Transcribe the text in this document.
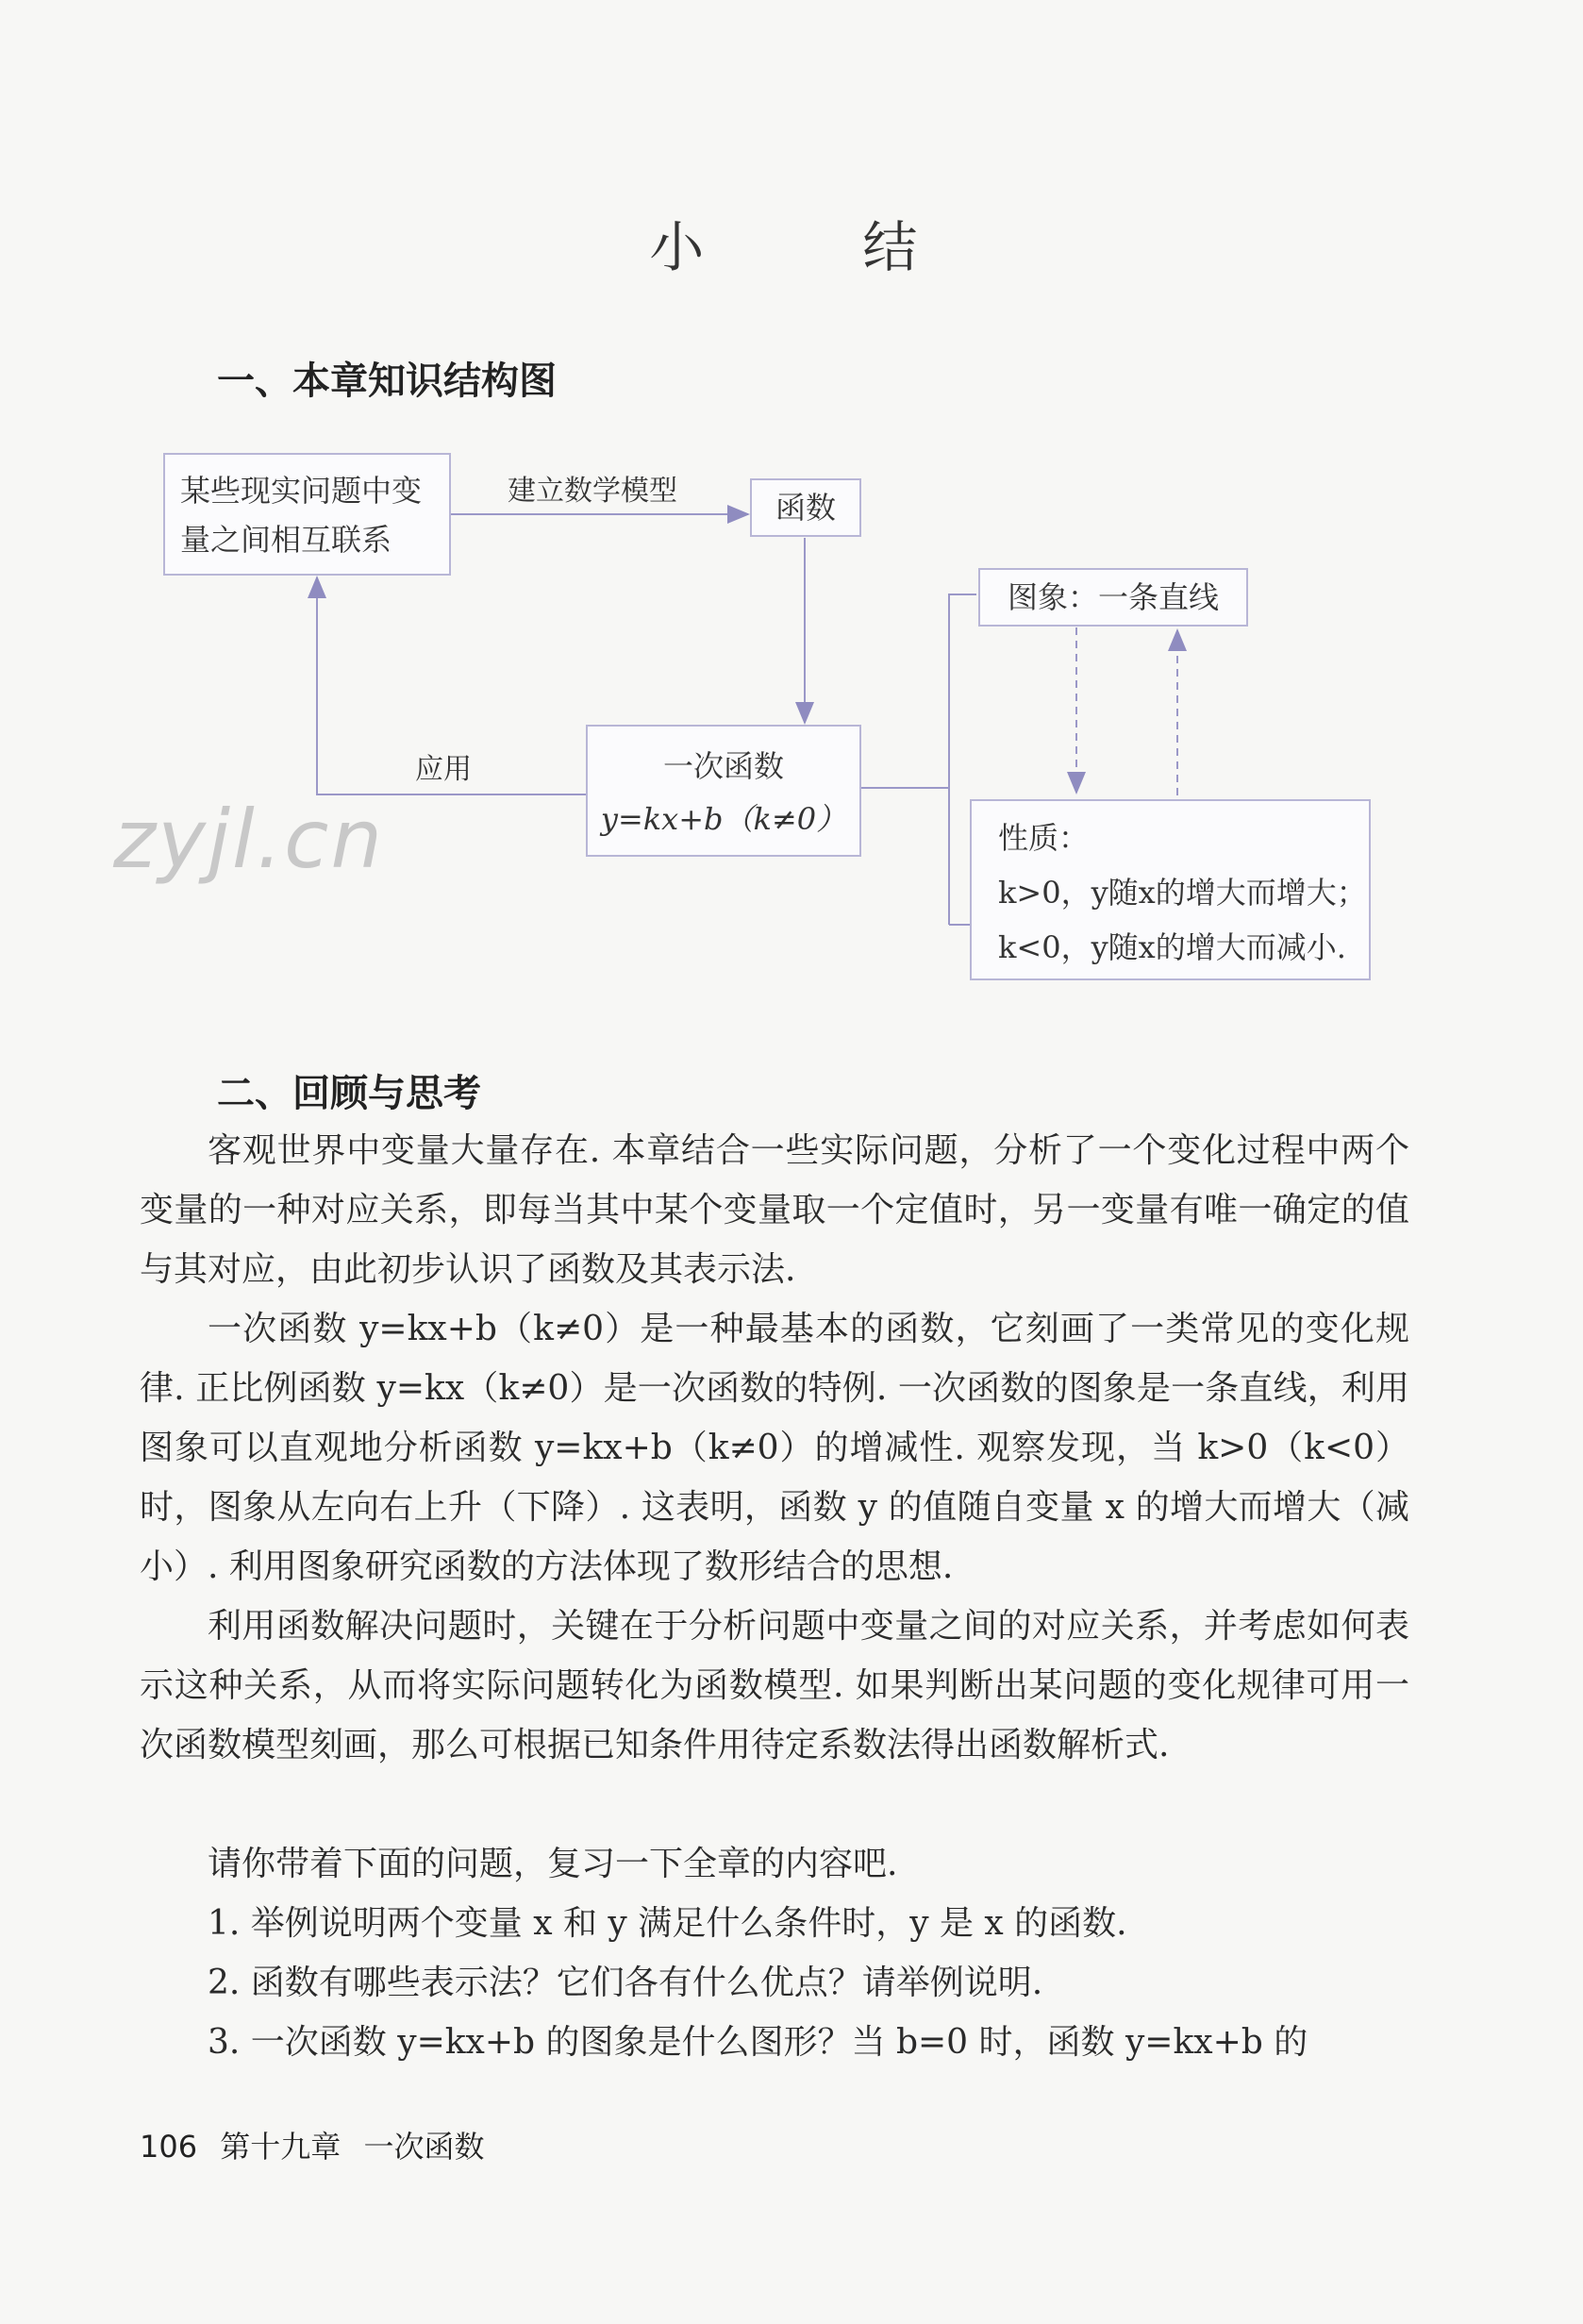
小　　结
一、本章知识结构图
某些现实问题中变
量之间相互联系
建立数学模型	函数
图象：一条直线
应用	一次函数
y=kx+b（k≠0）
性质：
k>0，y随x的增大而增大；
k<0，y随x的增大而减小.
zyjl.cn
二、回顾与思考

客观世界中变量大量存在. 本章结合一些实际问题，分析了一个变化过程中两个变量的一种对应关系，即每当其中某个变量取一个定值时，另一变量有唯一确定的值与其对应，由此初步认识了函数及其表示法.

一次函数 y=kx+b（k≠0）是一种最基本的函数，它刻画了一类常见的变化规律. 正比例函数 y=kx（k≠0）是一次函数的特例. 一次函数的图象是一条直线，利用图象可以直观地分析函数 y=kx+b（k≠0）的增减性. 观察发现，当 k>0（k<0）时，图象从左向右上升（下降）. 这表明，函数 y 的值随自变量 x 的增大而增大（减小）. 利用图象研究函数的方法体现了数形结合的思想.

利用函数解决问题时，关键在于分析问题中变量之间的对应关系，并考虑如何表示这种关系，从而将实际问题转化为函数模型. 如果判断出某问题的变化规律可用一次函数模型刻画，那么可根据已知条件用待定系数法得出函数解析式.

请你带着下面的问题，复习一下全章的内容吧.

1. 举例说明两个变量 x 和 y 满足什么条件时，y 是 x 的函数.

2. 函数有哪些表示法？它们各有什么优点？请举例说明.

3. 一次函数 y=kx+b 的图象是什么图形？当 b=0 时，函数 y=kx+b 的

106 第十九章 一次函数
